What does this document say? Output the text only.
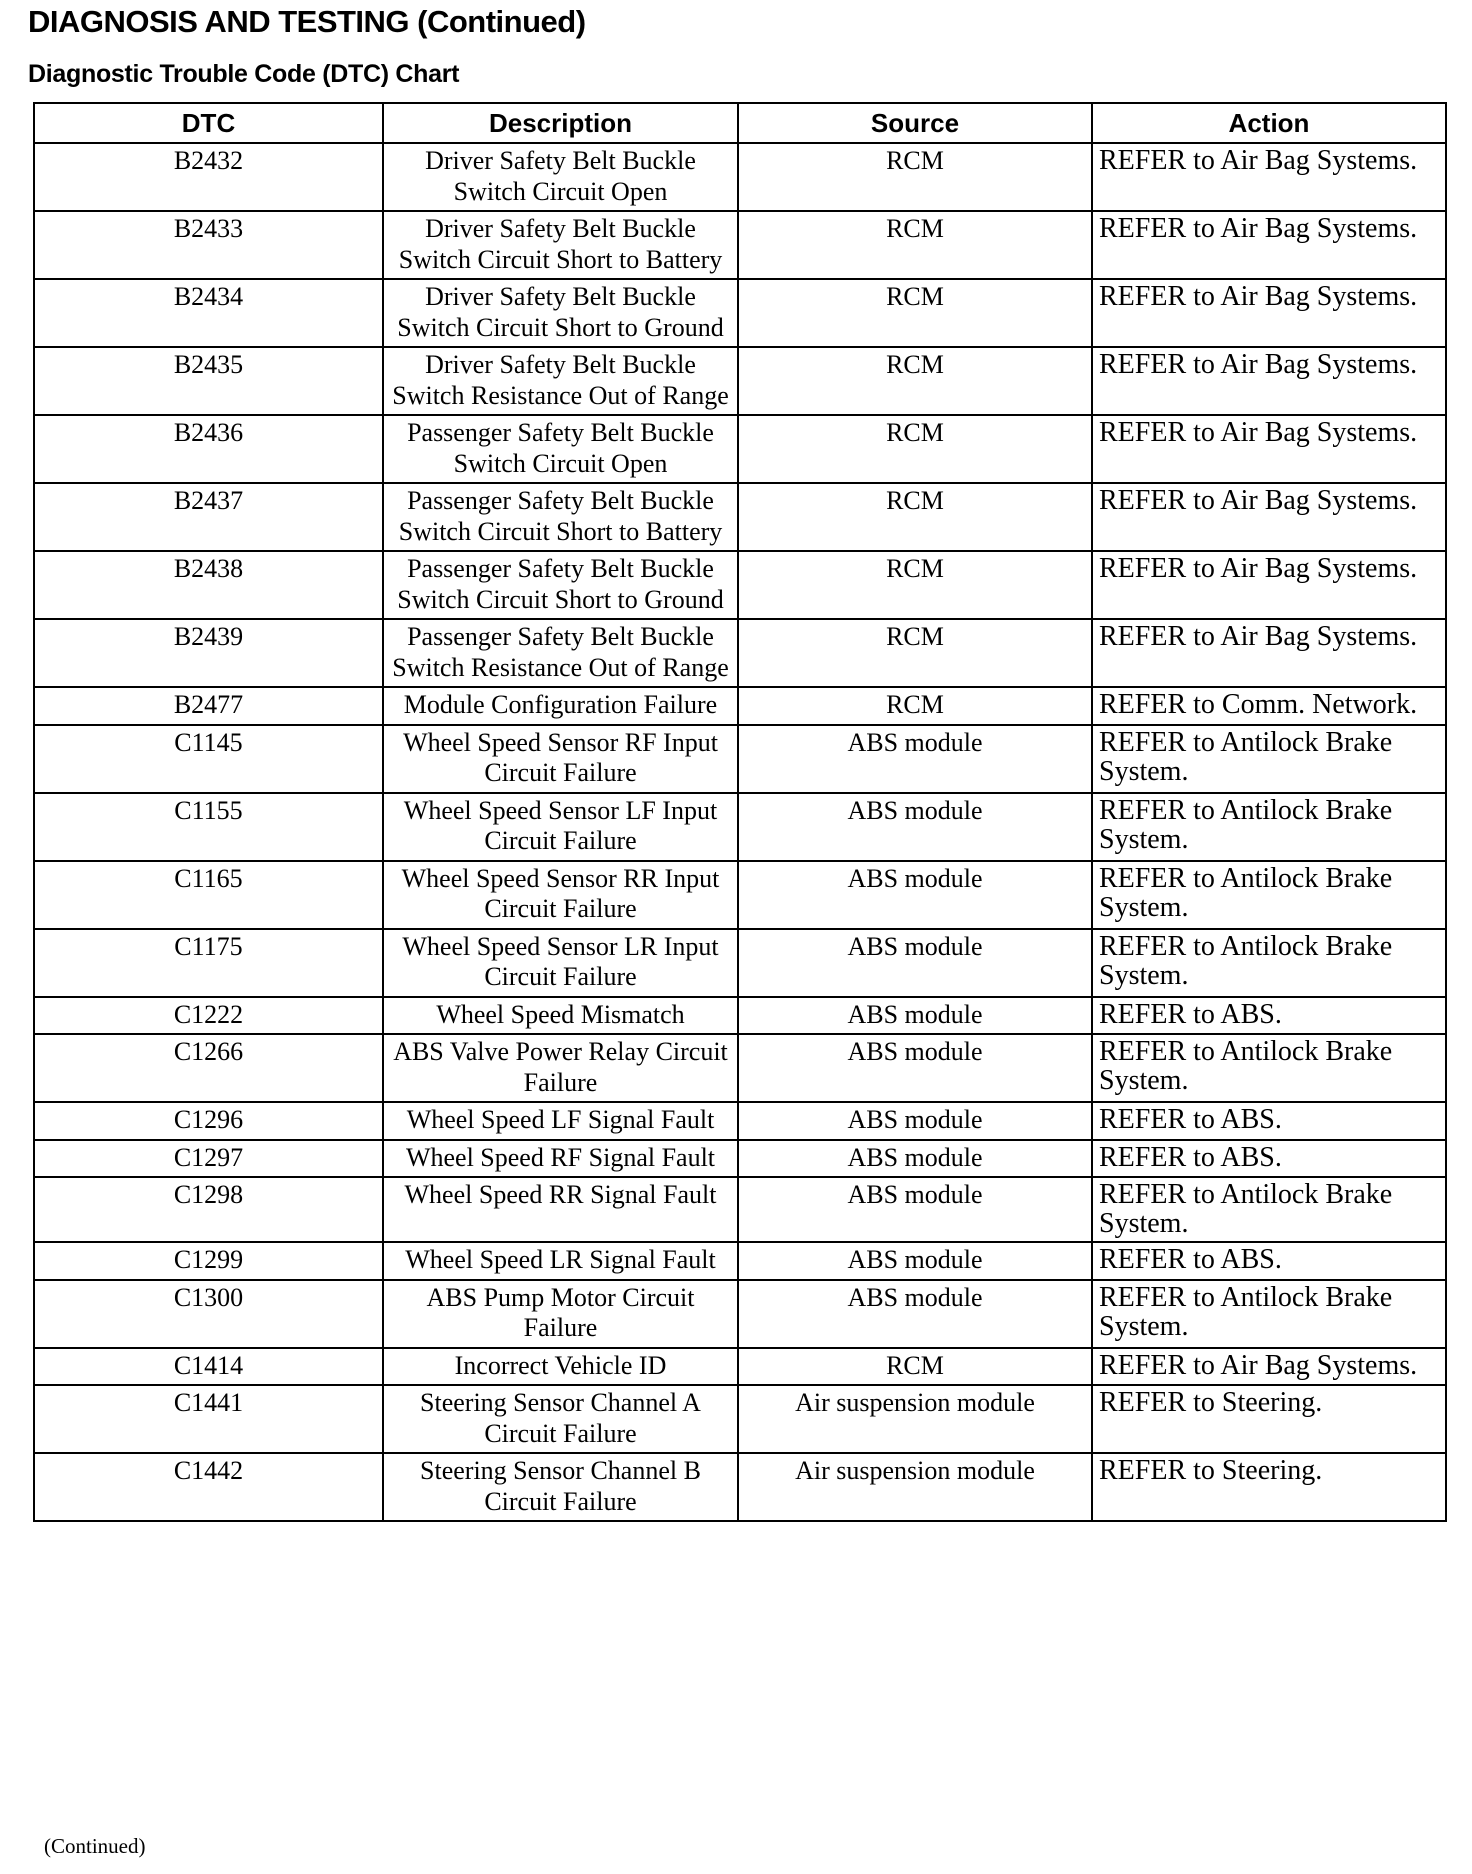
DIAGNOSIS AND TESTING (Continued)
Diagnostic Trouble Code (DTC) Chart
DTC	Description	Source	Action
B2432	Driver Safety Belt Buckle Switch Circuit Open	RCM	REFER to Air Bag Systems.
B2433	Driver Safety Belt Buckle Switch Circuit Short to Battery	RCM	REFER to Air Bag Systems.
B2434	Driver Safety Belt Buckle Switch Circuit Short to Ground	RCM	REFER to Air Bag Systems.
B2435	Driver Safety Belt Buckle Switch Resistance Out of Range	RCM	REFER to Air Bag Systems.
B2436	Passenger Safety Belt Buckle Switch Circuit Open	RCM	REFER to Air Bag Systems.
B2437	Passenger Safety Belt Buckle Switch Circuit Short to Battery	RCM	REFER to Air Bag Systems.
B2438	Passenger Safety Belt Buckle Switch Circuit Short to Ground	RCM	REFER to Air Bag Systems.
B2439	Passenger Safety Belt Buckle Switch Resistance Out of Range	RCM	REFER to Air Bag Systems.
B2477	Module Configuration Failure	RCM	REFER to Comm. Network.
C1145	Wheel Speed Sensor RF Input Circuit Failure	ABS module	REFER to Antilock Brake System.
C1155	Wheel Speed Sensor LF Input Circuit Failure	ABS module	REFER to Antilock Brake System.
C1165	Wheel Speed Sensor RR Input Circuit Failure	ABS module	REFER to Antilock Brake System.
C1175	Wheel Speed Sensor LR Input Circuit Failure	ABS module	REFER to Antilock Brake System.
C1222	Wheel Speed Mismatch	ABS module	REFER to ABS.
C1266	ABS Valve Power Relay Circuit Failure	ABS module	REFER to Antilock Brake System.
C1296	Wheel Speed LF Signal Fault	ABS module	REFER to ABS.
C1297	Wheel Speed RF Signal Fault	ABS module	REFER to ABS.
C1298	Wheel Speed RR Signal Fault	ABS module	REFER to Antilock Brake System.
C1299	Wheel Speed LR Signal Fault	ABS module	REFER to ABS.
C1300	ABS Pump Motor Circuit Failure	ABS module	REFER to Antilock Brake System.
C1414	Incorrect Vehicle ID	RCM	REFER to Air Bag Systems.
C1441	Steering Sensor Channel A Circuit Failure	Air suspension module	REFER to Steering.
C1442	Steering Sensor Channel B Circuit Failure	Air suspension module	REFER to Steering.
(Continued)
